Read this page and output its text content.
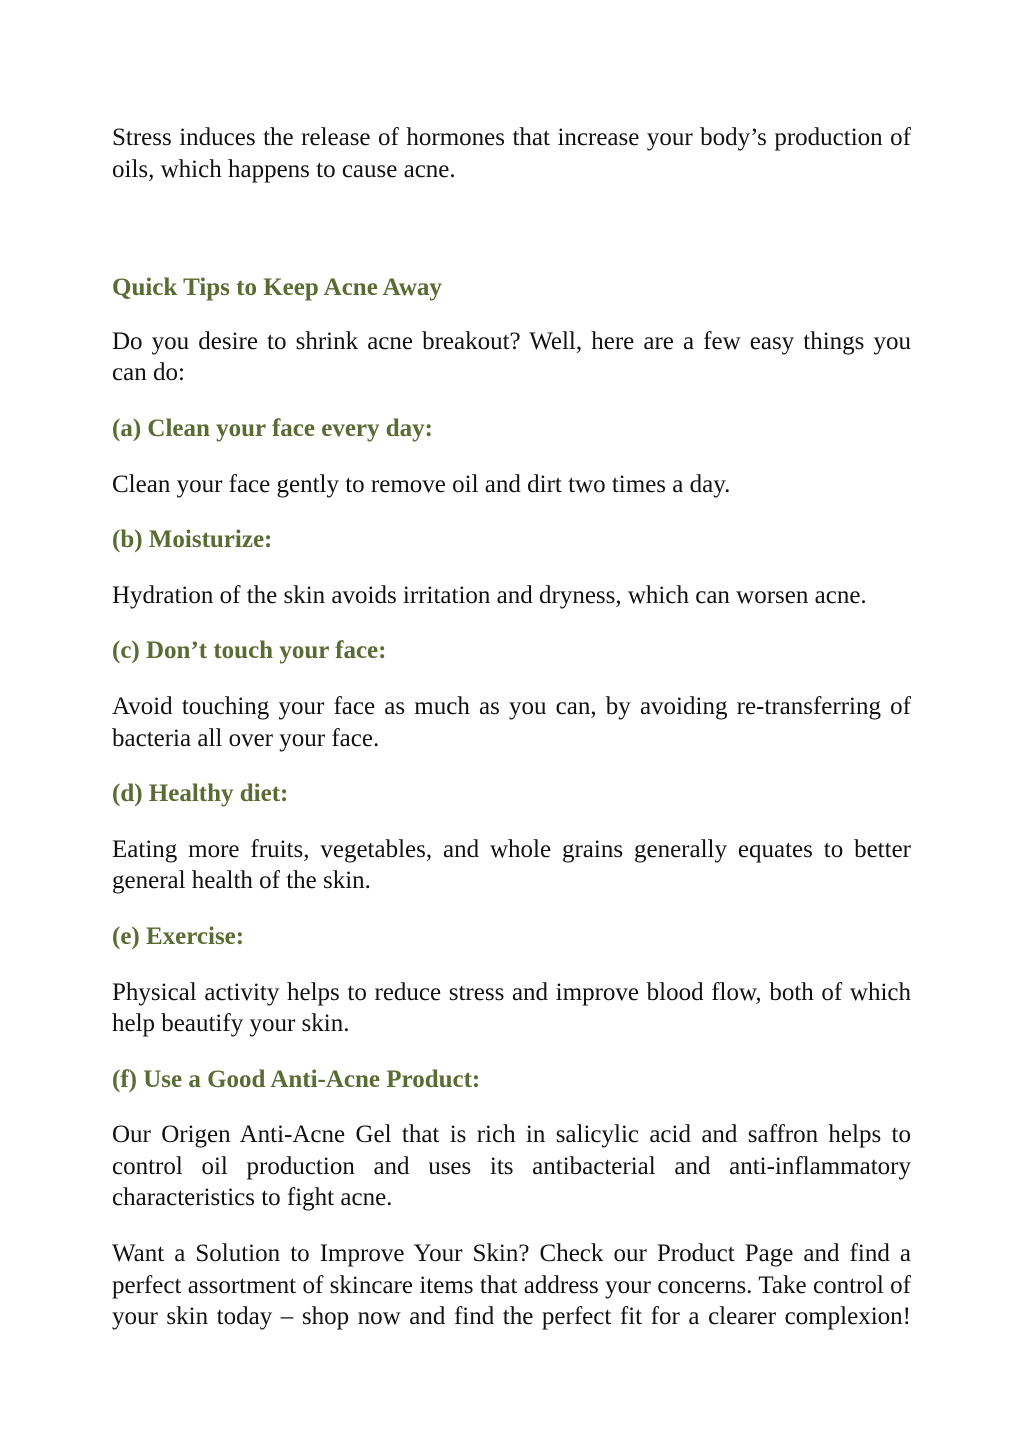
Stress induces the release of hormones that increase your body’s production of oils, which happens to cause acne.

Quick Tips to Keep Acne Away

Do you desire to shrink acne breakout? Well, here are a few easy things you can do:

(a) Clean your face every day:

Clean your face gently to remove oil and dirt two times a day.

(b) Moisturize:

Hydration of the skin avoids irritation and dryness, which can worsen acne.

(c) Don’t touch your face:

Avoid touching your face as much as you can, by avoiding re-transferring of bacteria all over your face.

(d) Healthy diet:

Eating more fruits, vegetables, and whole grains generally equates to better general health of the skin.

(e) Exercise:

Physical activity helps to reduce stress and improve blood flow, both of which help beautify your skin.

(f) Use a Good Anti-Acne Product:

Our Origen Anti-Acne Gel that is rich in salicylic acid and saffron helps to control oil production and uses its antibacterial and anti-inflammatory characteristics to fight acne.

Want a Solution to Improve Your Skin? Check our Product Page and find a perfect assortment of skincare items that address your concerns. Take control of your skin today – shop now and find the perfect fit for a clearer complexion!
